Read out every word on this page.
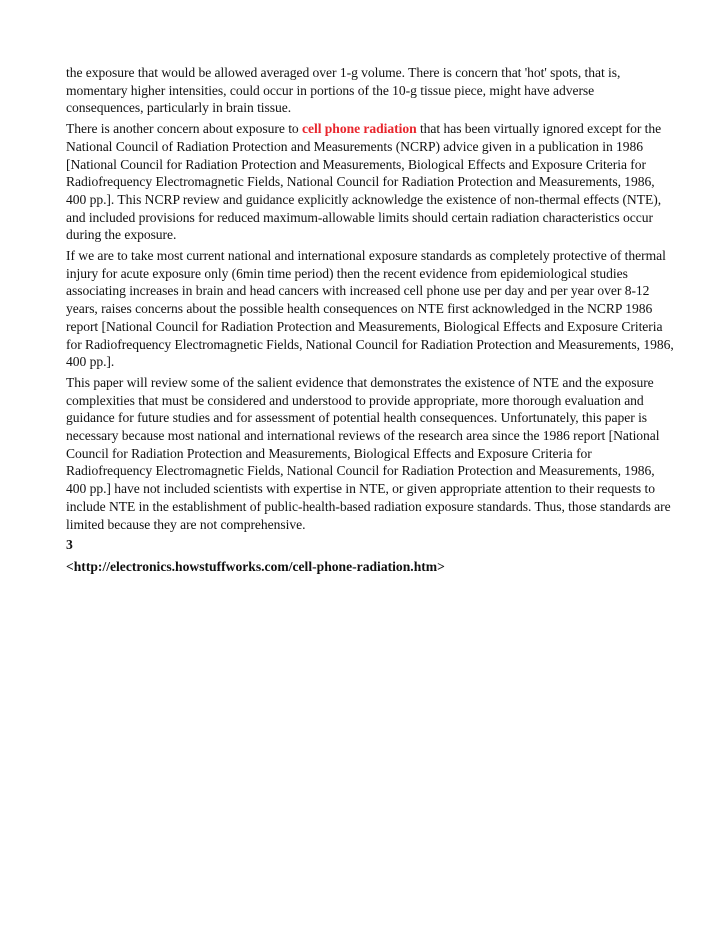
the exposure that would be allowed averaged over 1-g volume. There is concern that 'hot' spots, that is, momentary higher intensities, could occur in portions of the 10-g tissue piece, might have adverse consequences, particularly in brain tissue.

There is another concern about exposure to cell phone radiation that has been virtually ignored except for the National Council of Radiation Protection and Measurements (NCRP) advice given in a publication in 1986 [National Council for Radiation Protection and Measurements, Biological Effects and Exposure Criteria for Radiofrequency Electromagnetic Fields, National Council for Radiation Protection and Measurements, 1986, 400 pp.]. This NCRP review and guidance explicitly acknowledge the existence of non-thermal effects (NTE), and included provisions for reduced maximum-allowable limits should certain radiation characteristics occur during the exposure.

If we are to take most current national and international exposure standards as completely protective of thermal injury for acute exposure only (6min time period) then the recent evidence from epidemiological studies associating increases in brain and head cancers with increased cell phone use per day and per year over 8-12 years, raises concerns about the possible health consequences on NTE first acknowledged in the NCRP 1986 report [National Council for Radiation Protection and Measurements, Biological Effects and Exposure Criteria for Radiofrequency Electromagnetic Fields, National Council for Radiation Protection and Measurements, 1986, 400 pp.].

This paper will review some of the salient evidence that demonstrates the existence of NTE and the exposure complexities that must be considered and understood to provide appropriate, more thorough evaluation and guidance for future studies and for assessment of potential health consequences. Unfortunately, this paper is necessary because most national and international reviews of the research area since the 1986 report [National Council for Radiation Protection and Measurements, Biological Effects and Exposure Criteria for Radiofrequency Electromagnetic Fields, National Council for Radiation Protection and Measurements, 1986, 400 pp.] have not included scientists with expertise in NTE, or given appropriate attention to their requests to include NTE in the establishment of public-health-based radiation exposure standards. Thus, those standards are limited because they are not comprehensive.

3

<http://electronics.howstuffworks.com/cell-phone-radiation.htm>
